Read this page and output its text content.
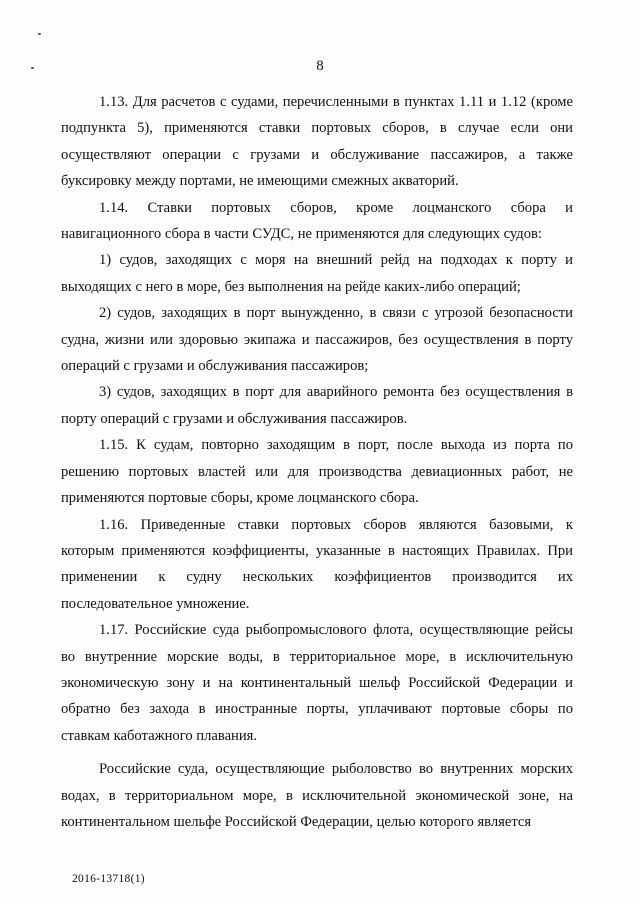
8
1.13. Для расчетов с судами, перечисленными в пунктах 1.11 и 1.12 (кроме
подпункта 5), применяются ставки портовых сборов, в случае если они
осуществляют операции с грузами и обслуживание пассажиров, а также
буксировку между портами, не имеющими смежных акваторий.
1.14. Ставки портовых сборов, кроме лоцманского сбора и
навигационного сбора в части СУДС, не применяются для следующих судов:
1) судов, заходящих с моря на внешний рейд на подходах к порту и
выходящих с него в море, без выполнения на рейде каких-либо операций;
2) судов, заходящих в порт вынужденно, в связи с угрозой безопасности
судна, жизни или здоровью экипажа и пассажиров, без осуществления в порту
операций с грузами и обслуживания пассажиров;
3) судов, заходящих в порт для аварийного ремонта без осуществления в
порту операций с грузами и обслуживания пассажиров.
1.15. К судам, повторно заходящим в порт, после выхода из порта по
решению портовых властей или для производства девиационных работ, не
применяются портовые сборы, кроме лоцманского сбора.
1.16. Приведенные ставки портовых сборов являются базовыми, к
которым применяются коэффициенты, указанные в настоящих Правилах. При
применении к судну нескольких коэффициентов производится их
последовательное умножение.
1.17. Российские суда рыбопромыслового флота, осуществляющие рейсы
во внутренние морские воды, в территориальное море, в исключительную
экономическую зону и на континентальный шельф Российской Федерации и
обратно без захода в иностранные порты, уплачивают портовые сборы по
ставкам каботажного плавания.
Российские суда, осуществляющие рыболовство во внутренних морских
водах, в территориальном море, в исключительной экономической зоне, на
континентальном шельфе Российской Федерации, целью которого является
2016-13718(1)
